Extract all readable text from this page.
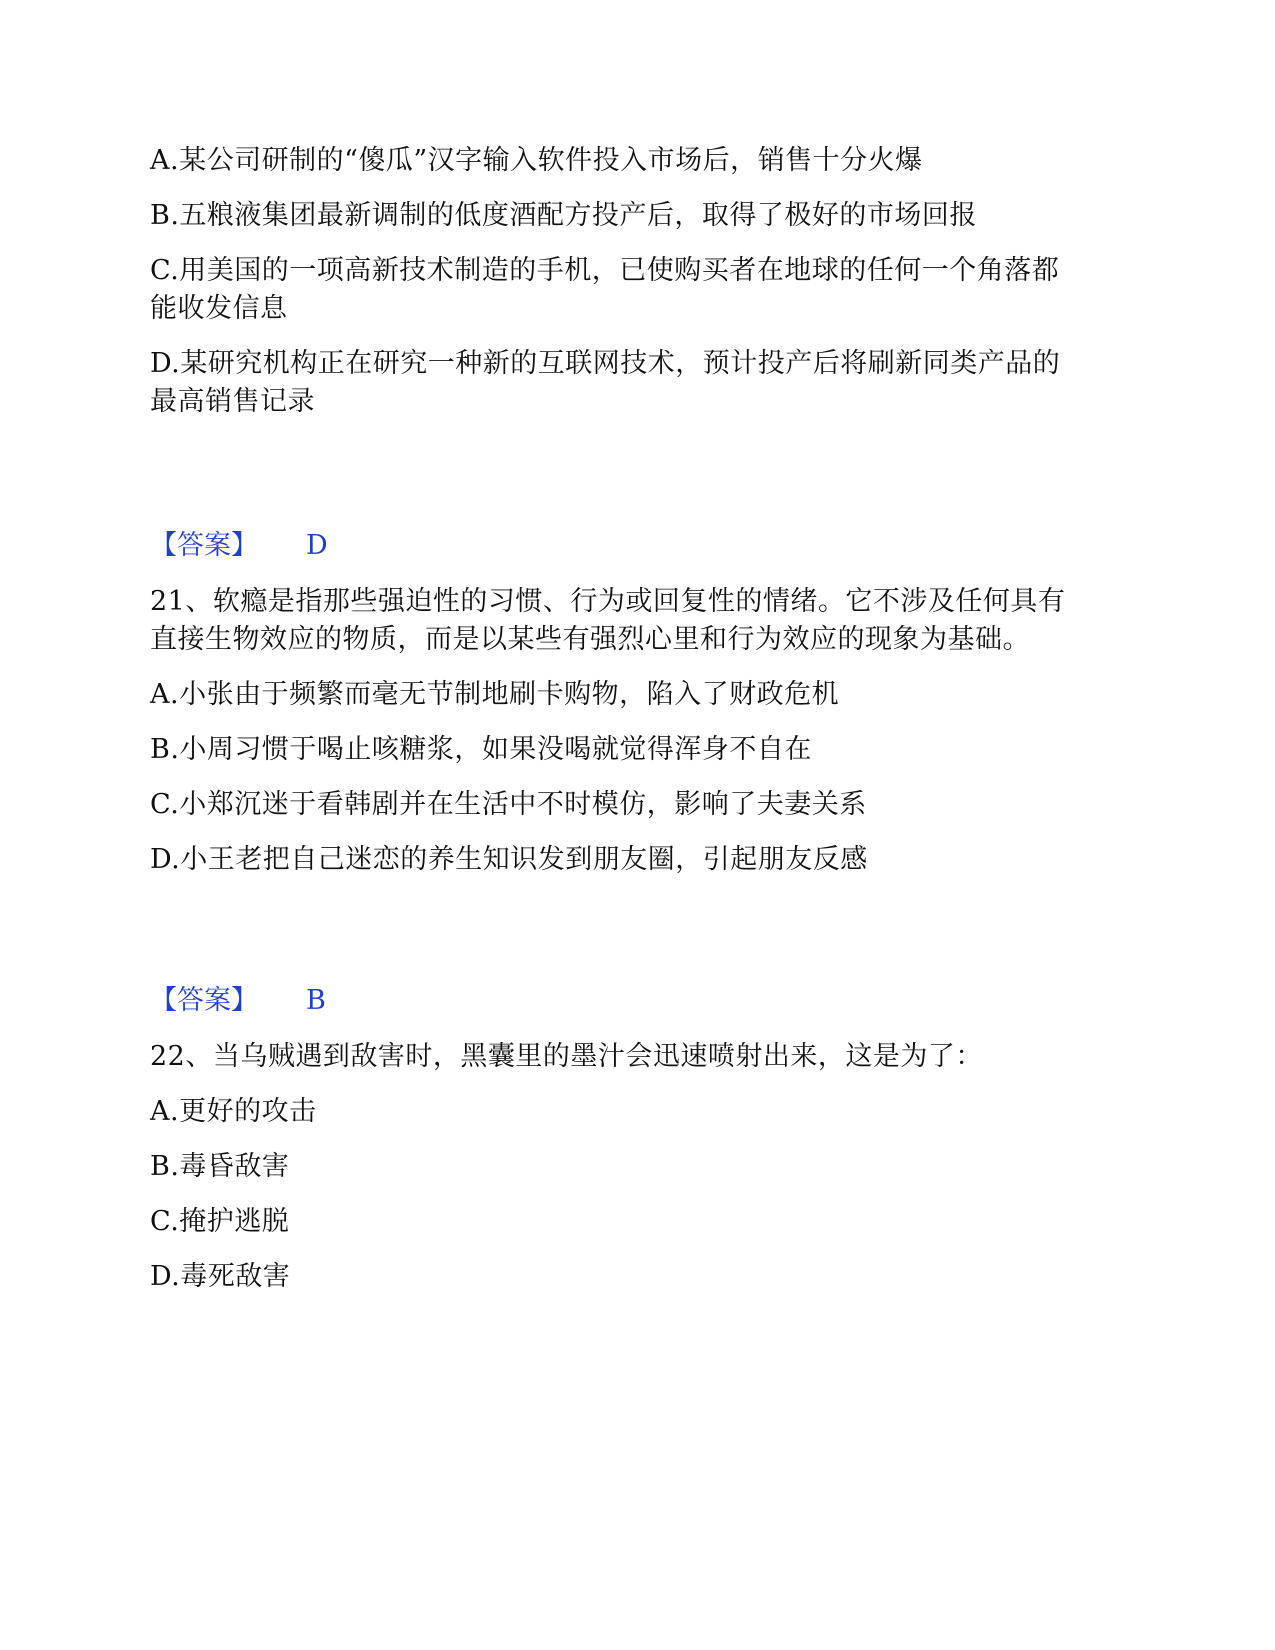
A.某公司研制的“傻瓜”汉字输入软件投入市场后，销售十分火爆
B.五粮液集团最新调制的低度酒配方投产后，取得了极好的市场回报
C.用美国的一项高新技术制造的手机，已使购买者在地球的任何一个角落都
能收发信息
D.某研究机构正在研究一种新的互联网技术，预计投产后将刷新同类产品的
最高销售记录
【答案】 D
21、软瘾是指那些强迫性的习惯、行为或回复性的情绪。它不涉及任何具有
直接生物效应的物质，而是以某些有强烈心里和行为效应的现象为基础。
A.小张由于频繁而毫无节制地刷卡购物，陷入了财政危机
B.小周习惯于喝止咳糖浆，如果没喝就觉得浑身不自在
C.小郑沉迷于看韩剧并在生活中不时模仿，影响了夫妻关系
D.小王老把自己迷恋的养生知识发到朋友圈，引起朋友反感
【答案】 B
22、当乌贼遇到敌害时，黑囊里的墨汁会迅速喷射出来，这是为了：
A.更好的攻击
B.毒昏敌害
C.掩护逃脱
D.毒死敌害
